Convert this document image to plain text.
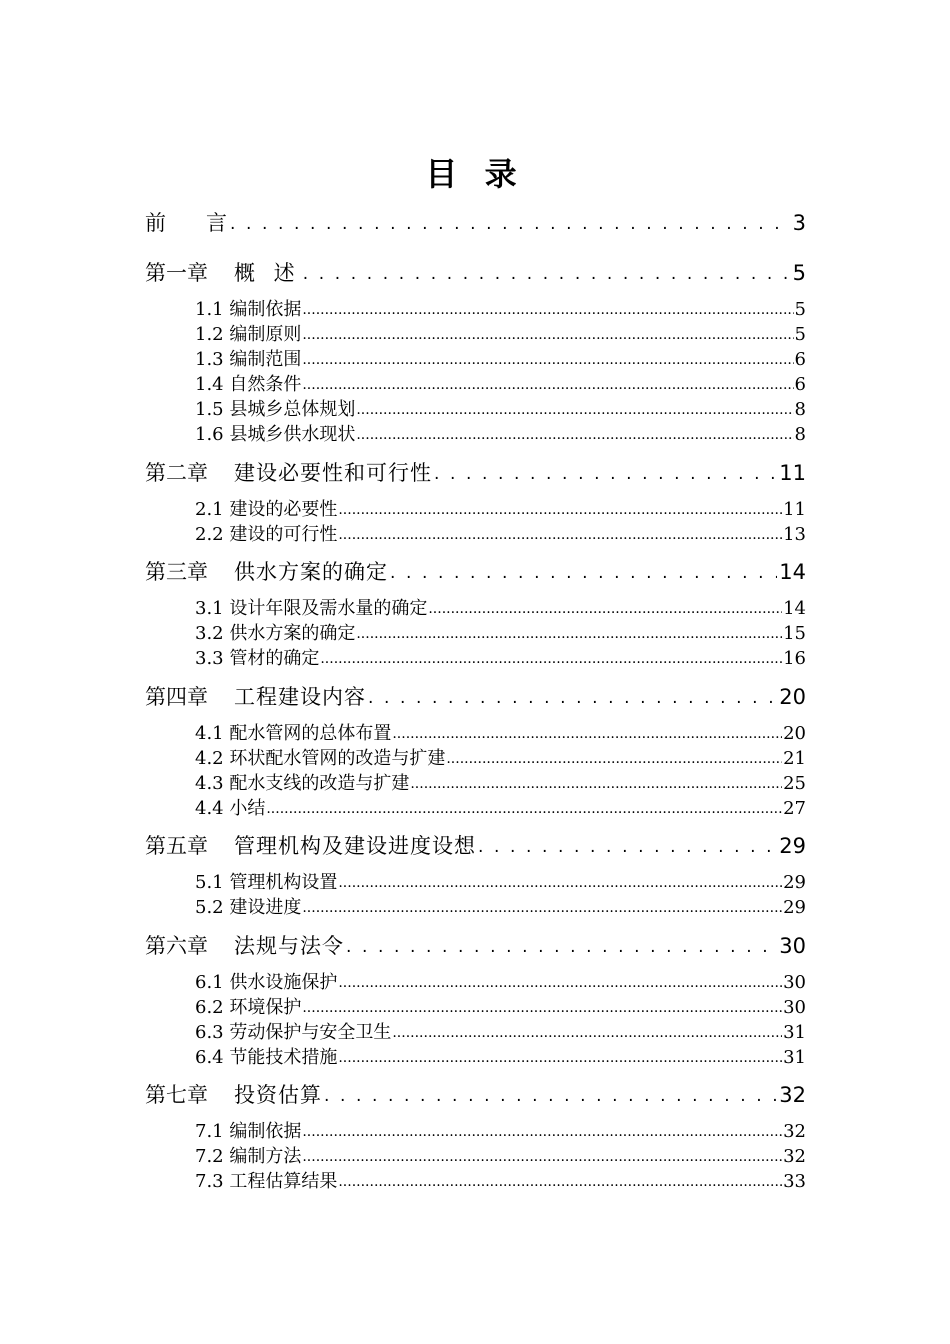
目 录
前 言 . . .	3
第一章 概 述 . . .	5
1.1 编制依据 .....	5
1.2 编制原则 .....	5
1.3 编制范围 .....	6
1.4 自然条件 .....	6
1.5 县城乡总体规划 .....	8
1.6 县城乡供水现状 .....	8
第二章 建设必要性和可行性 . . .	11
2.1 建设的必要性 .....	11
2.2 建设的可行性 .....	13
第三章 供水方案的确定 . . .	14
3.1 设计年限及需水量的确定 .....	14
3.2 供水方案的确定 .....	15
3.3 管材的确定 .....	16
第四章 工程建设内容 . . .	20
4.1 配水管网的总体布置 .....	20
4.2 环状配水管网的改造与扩建 .....	21
4.3 配水支线的改造与扩建 .....	25
4.4 小结 .....	27
第五章 管理机构及建设进度设想 . . .	29
5.1 管理机构设置 .....	29
5.2 建设进度 .....	29
第六章 法规与法令 . . .	30
6.1 供水设施保护 .....	30
6.2 环境保护 .....	30
6.3 劳动保护与安全卫生 .....	31
6.4 节能技术措施 .....	31
第七章 投资估算 . . .	32
7.1 编制依据 .....	32
7.2 编制方法 .....	32
7.3 工程估算结果 .....	33
